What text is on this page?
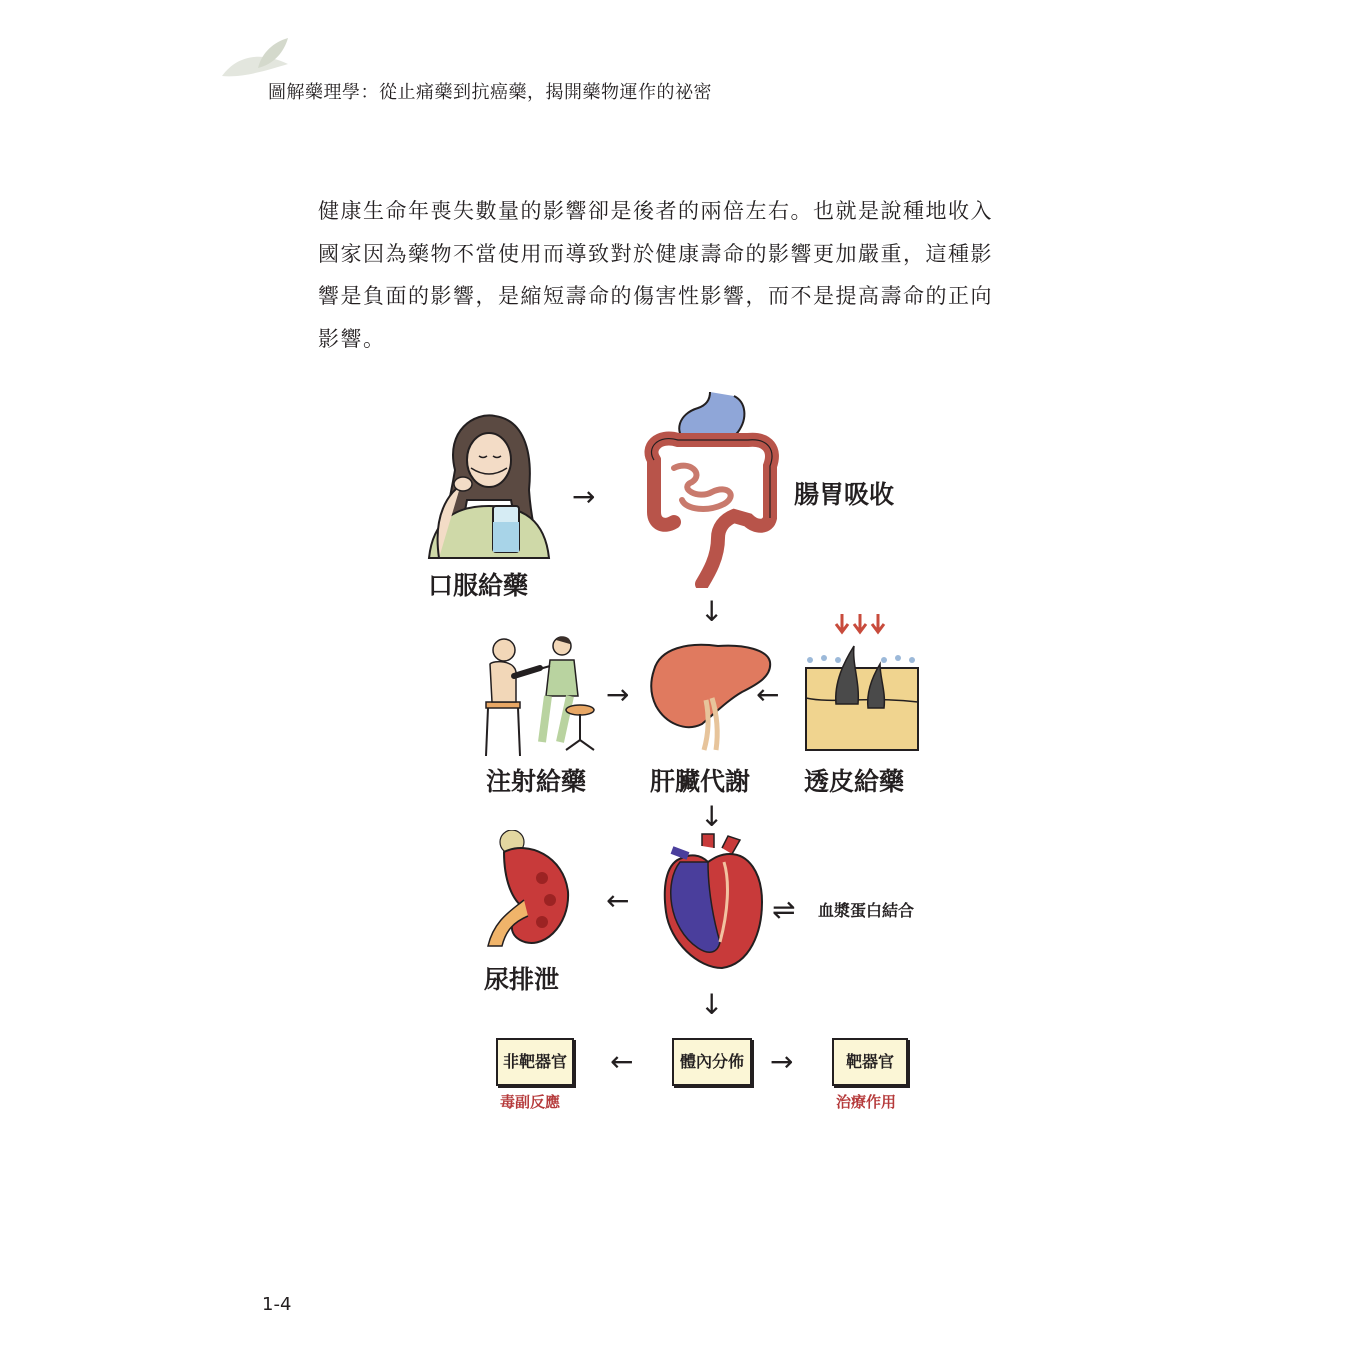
圖解藥理學：從止痛藥到抗癌藥，揭開藥物運作的祕密
健康生命年喪失數量的影響卻是後者的兩倍左右。也就是說種地收入
國家因為藥物不當使用而導致對於健康壽命的影響更加嚴重，這種影
響是負面的影響，是縮短壽命的傷害性影響，而不是提高壽命的正向
影響。
→
口服給藥
腸胃吸收
↓
→	←
注射給藥	肝臟代謝 透皮給藥
↓
←	⇌ 血漿蛋白結合
尿排泄
↓
非靶器官
毒副反應
←	體內分佈 →	靶器官
治療作用
1-4
